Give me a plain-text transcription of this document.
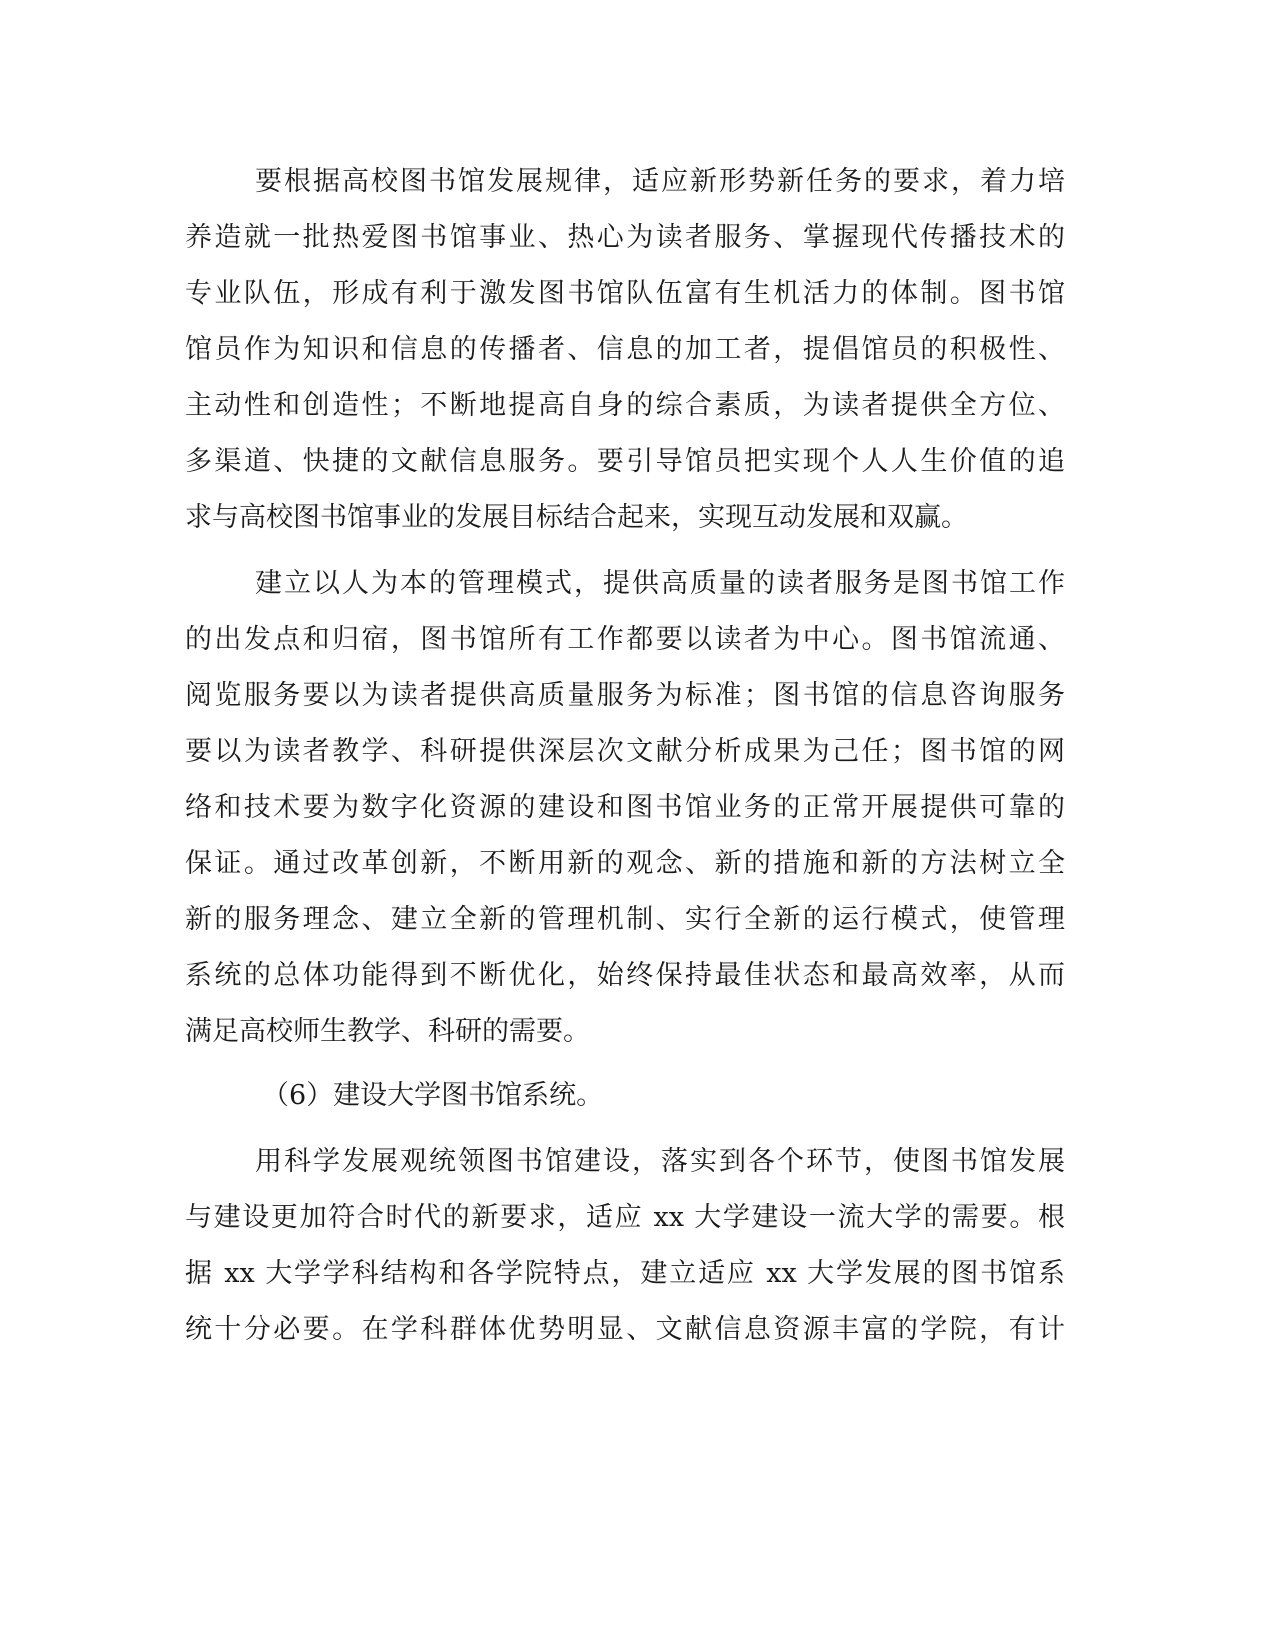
要根据高校图书馆发展规律，适应新形势新任务的要求，着力培
养造就一批热爱图书馆事业、热心为读者服务、掌握现代传播技术的
专业队伍，形成有利于激发图书馆队伍富有生机活力的体制。图书馆
馆员作为知识和信息的传播者、信息的加工者，提倡馆员的积极性、
主动性和创造性；不断地提高自身的综合素质，为读者提供全方位、
多渠道、快捷的文献信息服务。要引导馆员把实现个人人生价值的追
求与高校图书馆事业的发展目标结合起来，实现互动发展和双赢。
建立以人为本的管理模式，提供高质量的读者服务是图书馆工作
的出发点和归宿，图书馆所有工作都要以读者为中心。图书馆流通、
阅览服务要以为读者提供高质量服务为标准；图书馆的信息咨询服务
要以为读者教学、科研提供深层次文献分析成果为己任；图书馆的网
络和技术要为数字化资源的建设和图书馆业务的正常开展提供可靠的
保证。通过改革创新，不断用新的观念、新的措施和新的方法树立全
新的服务理念、建立全新的管理机制、实行全新的运行模式，使管理
系统的总体功能得到不断优化，始终保持最佳状态和最高效率，从而
满足高校师生教学、科研的需要。
（6）建设大学图书馆系统。
用科学发展观统领图书馆建设，落实到各个环节，使图书馆发展
与建设更加符合时代的新要求，适应 xx 大学建设一流大学的需要。根
据 xx 大学学科结构和各学院特点，建立适应 xx 大学发展的图书馆系
统十分必要。在学科群体优势明显、文献信息资源丰富的学院，有计
